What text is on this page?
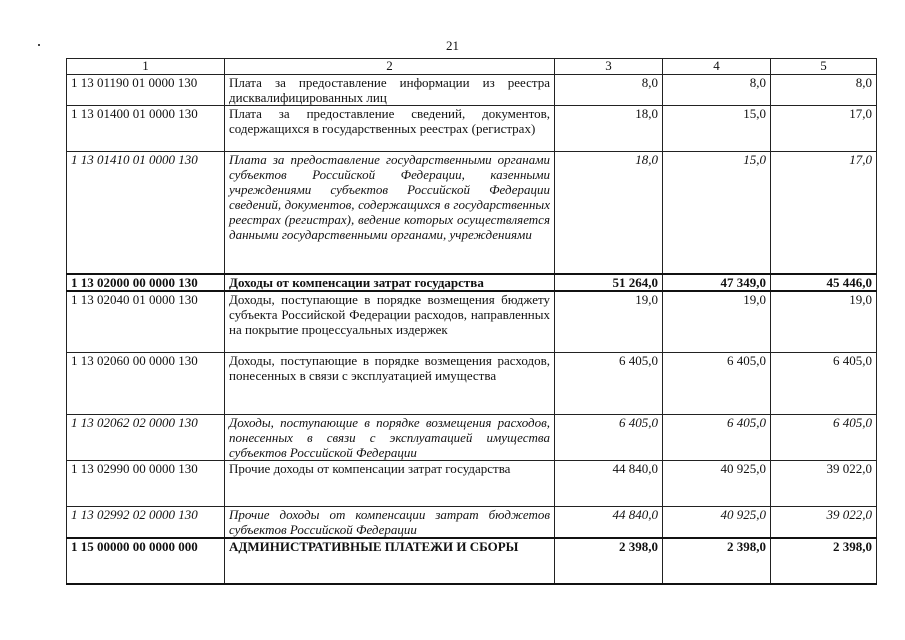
21
1	2	3	4	5
1 13 01190 01 0000 130	Плата за предоставление информации из реестра дисквалифицированных лиц	8,0	8,0	8,0
1 13 01400 01 0000 130	Плата за предоставление сведений, документов, содержащихся в государственных реестрах (регистрах)	18,0	15,0	17,0
1 13 01410 01 0000 130	Плата за предоставление государственными органами субъектов Российской Федерации, казенными учреждениями субъектов Российской Федерации сведений, документов, содержащихся в государственных реестрах (регистрах), ведение которых осуществляется данными государственными органами, учреждениями	18,0	15,0	17,0
1 13 02000 00 0000 130	Доходы от компенсации затрат государства	51 264,0	47 349,0	45 446,0
1 13 02040 01 0000 130	Доходы, поступающие в порядке возмещения бюджету субъекта Российской Федерации расходов, направленных на покрытие процессуальных издержек	19,0	19,0	19,0
1 13 02060 00 0000 130	Доходы, поступающие в порядке возмещения расходов, понесенных в связи с эксплуатацией имущества	6 405,0	6 405,0	6 405,0
1 13 02062 02 0000 130	Доходы, поступающие в порядке возмещения расходов, понесенных в связи с эксплуатацией имущества субъектов Российской Федерации	6 405,0	6 405,0	6 405,0
1 13 02990 00 0000 130	Прочие доходы от компенсации затрат государства	44 840,0	40 925,0	39 022,0
1 13 02992 02 0000 130	Прочие доходы от компенсации затрат бюджетов субъектов Российской Федерации	44 840,0	40 925,0	39 022,0
1 15 00000 00 0000 000	АДМИНИСТРАТИВНЫЕ ПЛАТЕЖИ И СБОРЫ	2 398,0	2 398,0	2 398,0
